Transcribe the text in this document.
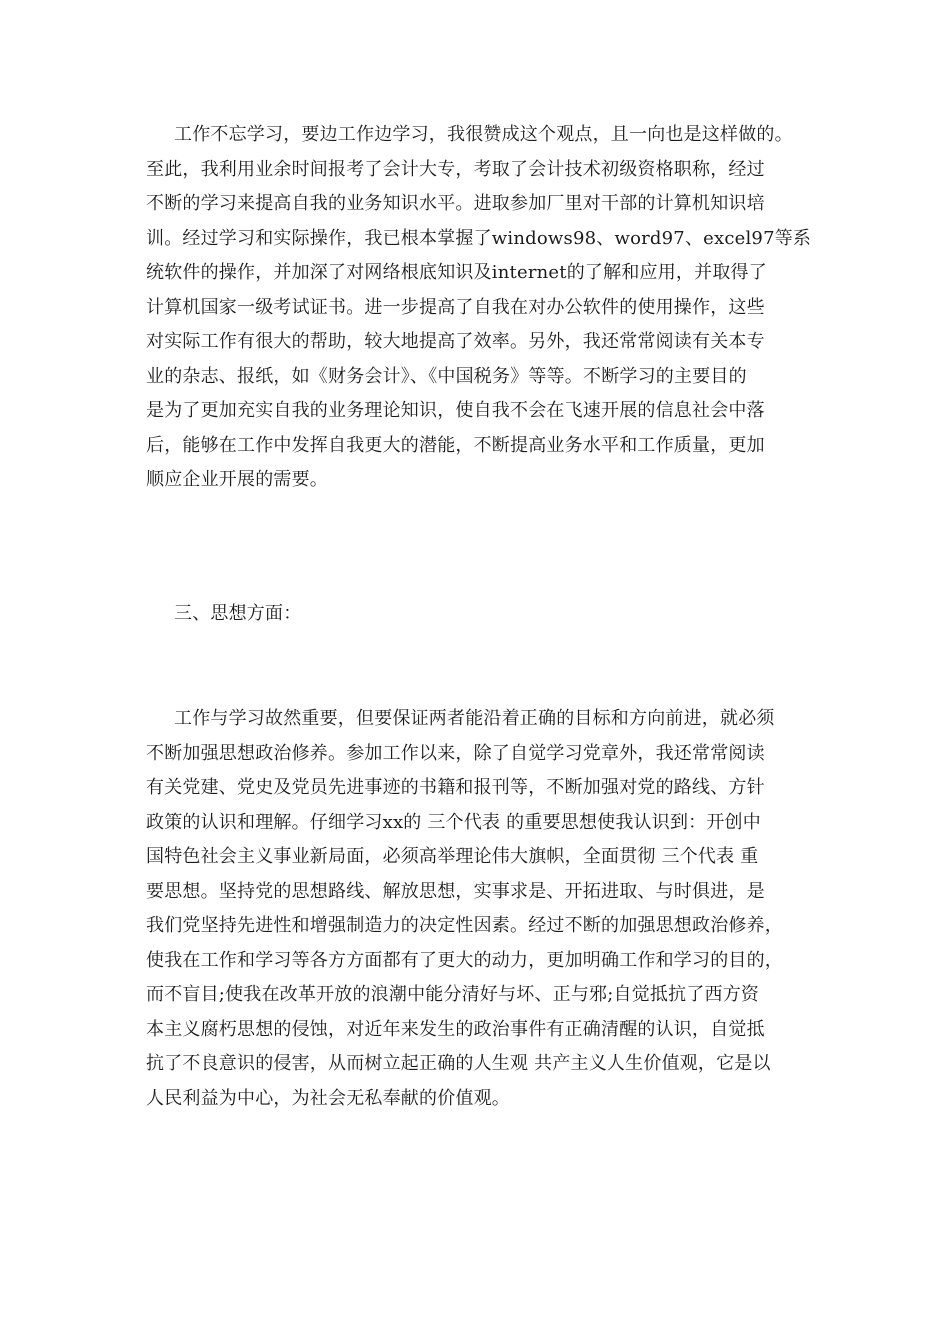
工作不忘学习，要边工作边学习，我很赞成这个观点，且一向也是这样做的。
至此，我利用业余时间报考了会计大专，考取了会计技术初级资格职称，经过
不断的学习来提高自我的业务知识水平。进取参加厂里对干部的计算机知识培
训。经过学习和实际操作，我已根本掌握了windows98、word97、excel97等系
统软件的操作，并加深了对网络根底知识及internet的了解和应用，并取得了
计算机国家一级考试证书。进一步提高了自我在对办公软件的使用操作，这些
对实际工作有很大的帮助，较大地提高了效率。另外，我还常常阅读有关本专
业的杂志、报纸，如《财务会计》、《中国税务》等等。不断学习的主要目的
是为了更加充实自我的业务理论知识，使自我不会在飞速开展的信息社会中落
后，能够在工作中发挥自我更大的潜能，不断提高业务水平和工作质量，更加
顺应企业开展的需要。

三、思想方面：

工作与学习故然重要，但要保证两者能沿着正确的目标和方向前进，就必须
不断加强思想政治修养。参加工作以来，除了自觉学习党章外，我还常常阅读
有关党建、党史及党员先进事迹的书籍和报刊等，不断加强对党的路线、方针
政策的认识和理解。仔细学习xx的 三个代表 的重要思想使我认识到：开创中
国特色社会主义事业新局面，必须高举理论伟大旗帜，全面贯彻 三个代表 重
要思想。坚持党的思想路线、解放思想，实事求是、开拓进取、与时俱进，是
我们党坚持先进性和增强制造力的决定性因素。经过不断的加强思想政治修养，
使我在工作和学习等各方方面都有了更大的动力，更加明确工作和学习的目的，
而不盲目;使我在改革开放的浪潮中能分清好与坏、正与邪;自觉抵抗了西方资
本主义腐朽思想的侵蚀，对近年来发生的政治事件有正确清醒的认识，自觉抵
抗了不良意识的侵害，从而树立起正确的人生观 共产主义人生价值观，它是以
人民利益为中心，为社会无私奉献的价值观。
